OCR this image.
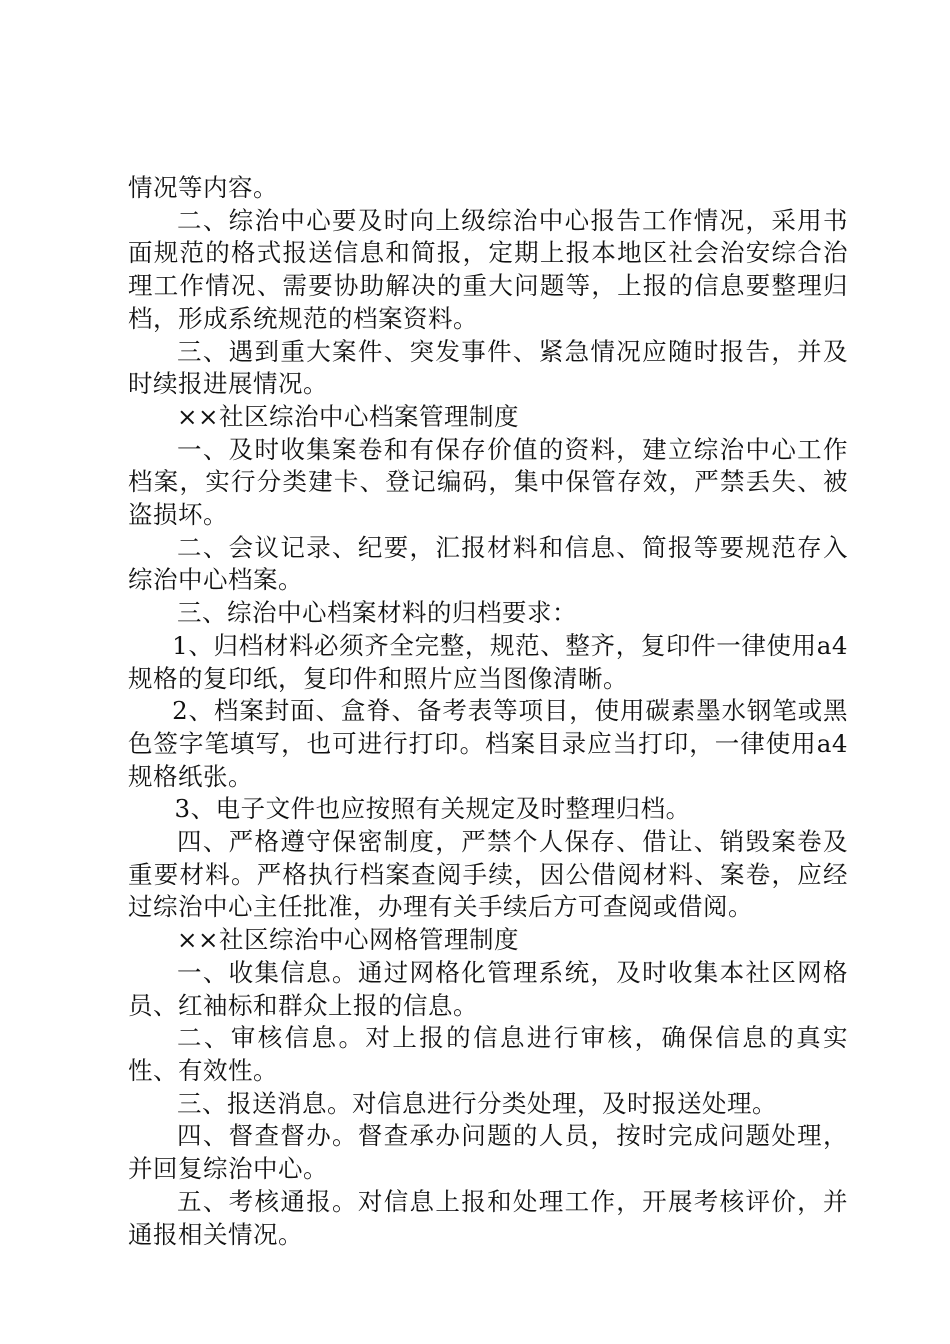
情况等内容。

二、综治中心要及时向上级综治中心报告工作情况，采用书面规范的格式报送信息和简报，定期上报本地区社会治安综合治理工作情况、需要协助解决的重大问题等，上报的信息要整理归档，形成系统规范的档案资料。

三、遇到重大案件、突发事件、紧急情况应随时报告，并及时续报进展情况。

××社区综治中心档案管理制度

一、及时收集案卷和有保存价值的资料，建立综治中心工作档案，实行分类建卡、登记编码，集中保管存效，严禁丢失、被盗损坏。

二、会议记录、纪要，汇报材料和信息、简报等要规范存入综治中心档案。

三、综治中心档案材料的归档要求：

1、归档材料必须齐全完整，规范、整齐，复印件一律使用a4规格的复印纸，复印件和照片应当图像清晰。

2、档案封面、盒脊、备考表等项目，使用碳素墨水钢笔或黑色签字笔填写，也可进行打印。档案目录应当打印，一律使用a4规格纸张。

3、电子文件也应按照有关规定及时整理归档。

四、严格遵守保密制度，严禁个人保存、借让、销毁案卷及重要材料。严格执行档案查阅手续，因公借阅材料、案卷，应经过综治中心主任批准，办理有关手续后方可查阅或借阅。

××社区综治中心网格管理制度

一、收集信息。通过网格化管理系统，及时收集本社区网格员、红袖标和群众上报的信息。

二、审核信息。对上报的信息进行审核，确保信息的真实性、有效性。

三、报送消息。对信息进行分类处理，及时报送处理。

四、督查督办。督查承办问题的人员，按时完成问题处理，并回复综治中心。

五、考核通报。对信息上报和处理工作，开展考核评价，并通报相关情况。
